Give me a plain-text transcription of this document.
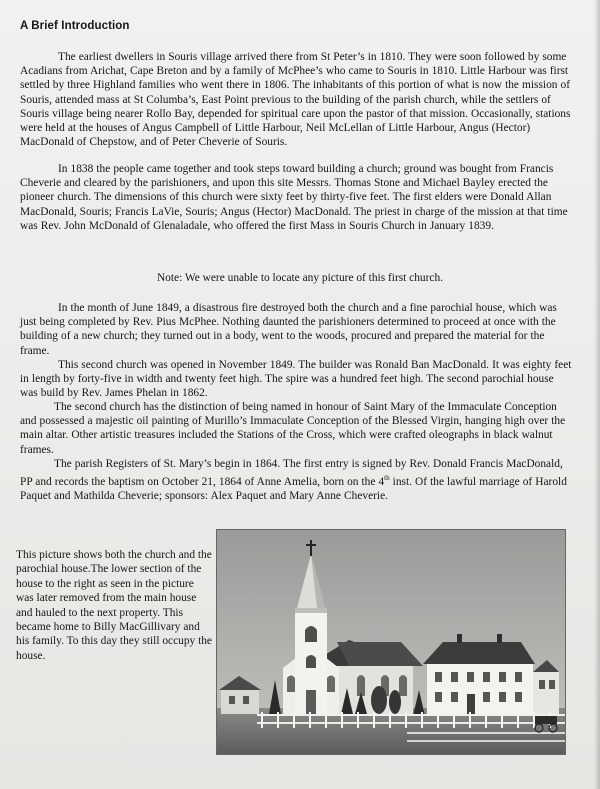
A Brief Introduction

The earliest dwellers in Souris village arrived there from St Peter’s in 1810. They were soon followed by some Acadians from Arichat, Cape Breton and by a family of McPhee’s who came to Souris in 1810. Little Harbour was first settled by three Highland families who went there in 1806. The inhabitants of this portion of what is now the mission of Souris, attended mass at St Columba’s, East Point previous to the building of the parish church, while the settlers of Souris village being nearer Rollo Bay, depended for spiritual care upon the pastor of that mission. Occasionally, stations were held at the houses of Angus Campbell of Little Harbour, Neil McLellan of Little Harbour, Angus (Hector) MacDonald of Chepstow, and of Peter Cheverie of Souris.

In 1838 the people came together and took steps toward building a church; ground was bought from Francis Cheverie and cleared by the parishioners, and upon this site Messrs. Thomas Stone and Michael Bayley erected the pioneer church. The dimensions of this church were sixty feet by thirty-five feet. The first elders were Donald Allan MacDonald, Souris; Francis LaVie, Souris; Angus (Hector) MacDonald. The priest in charge of the mission at that time was Rev. John McDonald of Glenaladale, who offered the first Mass in Souris Church in January 1839.

Note: We were unable to locate any picture of this first church.

In the month of June 1849, a disastrous fire destroyed both the church and a fine parochial house, which was just being completed by Rev. Pius McPhee. Nothing daunted the parishioners determined to proceed at once with the building of a new church; they turned out in a body, went to the woods, procured and prepared the material for the frame.

This second church was opened in November 1849. The builder was Ronald Ban MacDonald. It was eighty feet in length by forty-five in width and twenty feet high. The spire was a hundred feet high. The second parochial house was build by Rev. James Phelan in 1862.

The second church has the distinction of being named in honour of Saint Mary of the Immaculate Conception and possessed a majestic oil painting of Murillo’s Immaculate Conception of the Blessed Virgin, hanging high over the main altar. Other artistic treasures included the Stations of the Cross, which were crafted oleographs in black walnut frames.

The parish Registers of St. Mary’s begin in 1864. The first entry is signed by Rev. Donald Francis MacDonald, PP and records the baptism on October 21, 1864 of Anne Amelia, born on the 4th inst. Of the lawful marriage of Harold Paquet and Mathilda Cheverie; sponsors: Alex Paquet and Mary Anne Cheverie.

This picture shows both the church and the parochial house.The lower section of the house to the right as seen in the picture was later removed from the main house and hauled to the next property. This became home to Billy MacGillivary and his family. To this day they still occupy the house.
